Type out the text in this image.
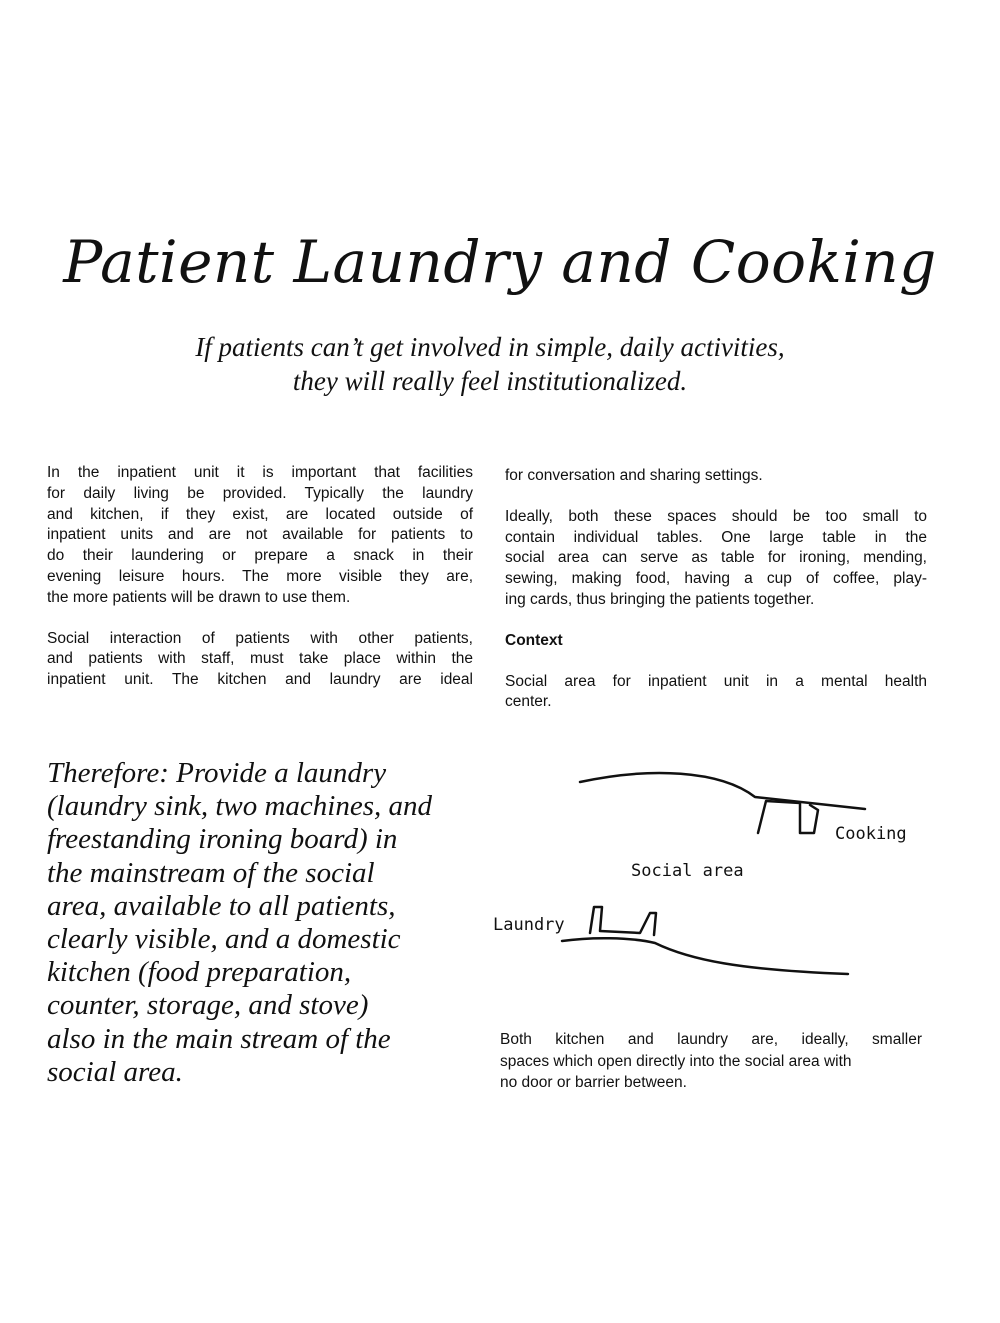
Patient Laundry and Cooking
If patients can’t get involved in simple, daily activities,
they will really feel institutionalized.

In the inpatient unit it is important that facilities
for daily living be provided. Typically the laundry
and kitchen, if they exist, are located outside of
inpatient units and are not available for patients to
do their laundering or prepare a snack in their
evening leisure hours. The more visible they are,
the more patients will be drawn to use them.

Social interaction of patients with other patients,
and patients with staff, must take place within the
inpatient unit. The kitchen and laundry are ideal

for conversation and sharing settings.

Ideally, both these spaces should be too small to
contain individual tables. One large table in the
social area can serve as table for ironing, mending,
sewing, making food, having a cup of coffee, play-
ing cards, thus bringing the patients together.

Context

Social area for inpatient unit in a mental health
center.

Therefore: Provide a laundry
(laundry sink, two machines, and
freestanding ironing board) in
the mainstream of the social
area, available to all patients,
clearly visible, and a domestic
kitchen (food preparation,
counter, storage, and stove)
also in the main stream of the
social area.
Cooking
Social area
Laundry
Both kitchen and laundry are, ideally, smaller
spaces which open directly into the social area with
no door or barrier between.
